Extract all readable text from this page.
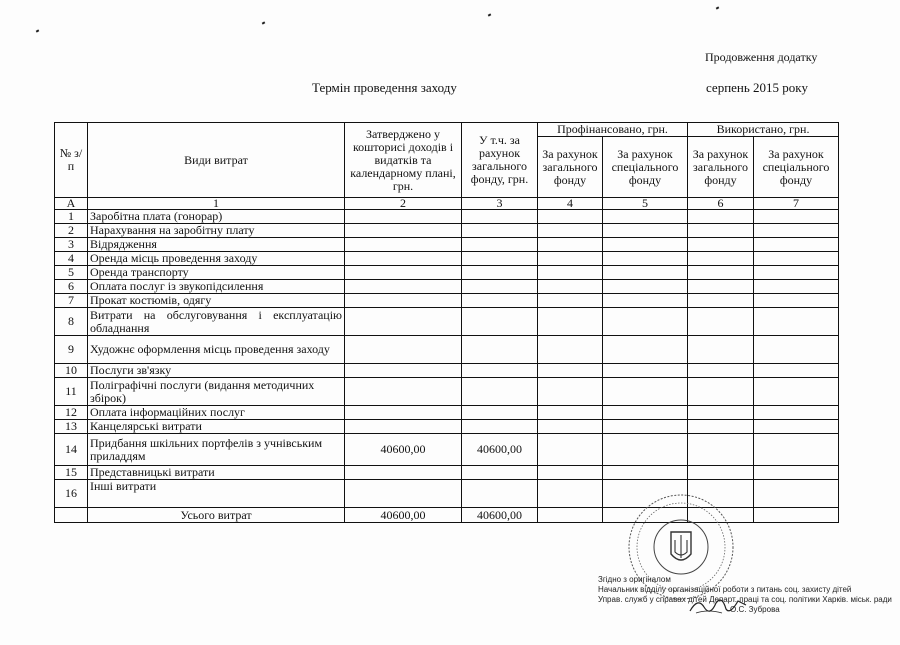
Продовження додатку
Термін проведення заходу	серпень 2015 року
№ з/п	Види витрат	Затверджено у кошторисі доходів і видатків та календарному плані, грн.	У т.ч. за рахунок загального фонду, грн.	Профінансовано, грн.		Використано, грн.	
				За рахунок загального фонду	За рахунок спеціального фонду	За рахунок загального фонду	За рахунок спеціального фонду
А	1	2	3	4	5	6	7
1	Заробітна плата (гонорар)						
2	Нарахування на заробітну плату						
3	Відрядження						
4	Оренда місць проведення заходу						
5	Оренда транспорту						
6	Оплата послуг із звукопідсилення						
7	Прокат костюмів, одягу						
8	Витрати на обслуговування і експлуатацію обладнання						
9	Художнє оформлення місць проведення заходу						
10	Послуги зв'язку						
11	Поліграфічні послуги (видання методичних збірок)						
12	Оплата інформаційних послуг						
13	Канцелярські витрати						
14	Придбання шкільних портфелів з учнівським приладдям	40600,00	40600,00				
15	Представницькі витрати						
16	Інші витрати						
	Усього витрат	40600,00	40600,00				
Згідно з оригіналом
Начальник відділу організаційної роботи з питань соц. захисту дітей
Управ. служб у справах дітей Департ. праці та соц. політики Харків. міськ. ради
О.С. Зуброва
